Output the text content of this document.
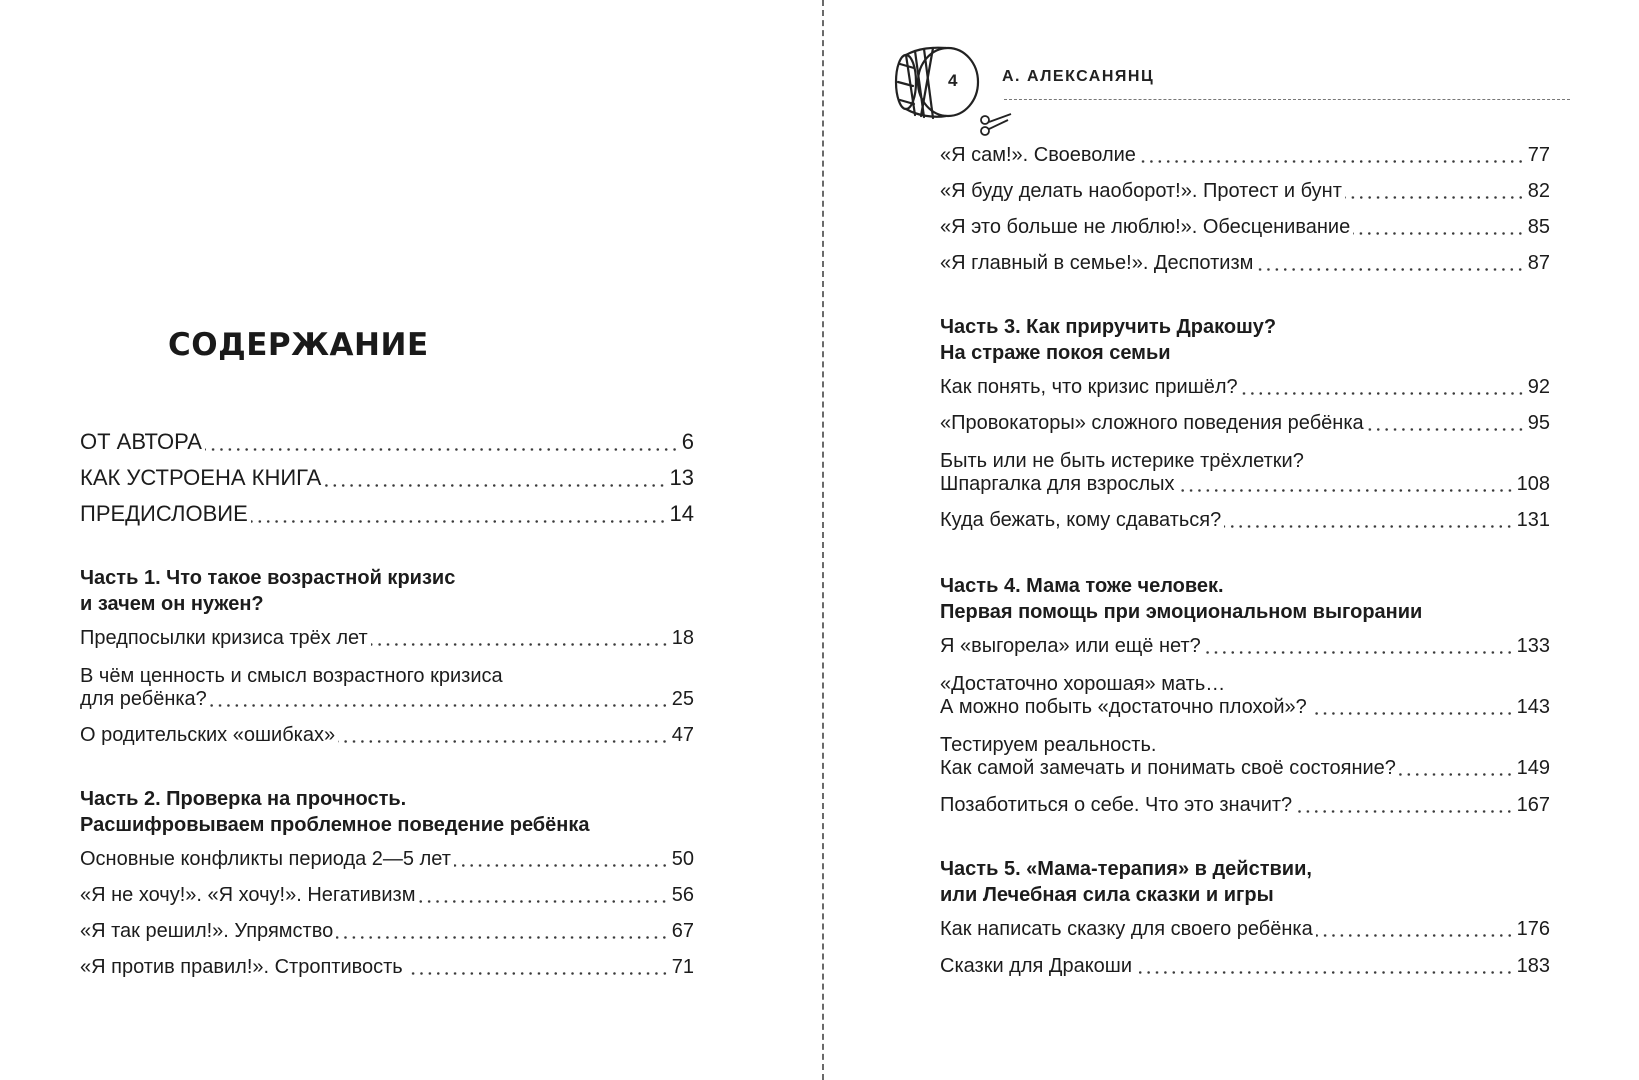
СОДЕРЖАНИЕ
ОТ АВТОРА	6
КАК УСТРОЕНА КНИГА	13
ПРЕДИСЛОВИЕ	14
Часть 1. Что такое возрастной кризис
и зачем он нужен?
Предпосылки кризиса трёх лет	18
В чём ценность и смысл возрастного кризиса
для ребёнка?	25
О родительских «ошибках»	47
Часть 2. Проверка на прочность.
Расшифровываем проблемное поведение ребёнка
Основные конфликты периода 2—5 лет	50
«Я не хочу!». «Я хочу!». Негативизм	56
«Я так решил!». Упрямство	67
«Я против правил!». Строптивость	71
4	А. АЛЕКСАНЯНЦ
«Я сам!». Своеволие	77
«Я буду делать наоборот!». Протест и бунт	82
«Я это больше не люблю!». Обесценивание	85
«Я главный в семье!». Деспотизм	87
Часть 3. Как приручить Дракошу?
На страже покоя семьи
Как понять, что кризис пришёл?	92
«Провокаторы» сложного поведения ребёнка	95
Быть или не быть истерике трёхлетки?
Шпаргалка для взрослых	108
Куда бежать, кому сдаваться?	131
Часть 4. Мама тоже человек.
Первая помощь при эмоциональном выгорании
Я «выгорела» или ещё нет?	133
«Достаточно хорошая» мать…
А можно побыть «достаточно плохой»?	143
Тестируем реальность.
Как самой замечать и понимать своё состояние?	149
Позаботиться о себе. Что это значит?	167
Часть 5. «Мама-терапия» в действии,
или Лечебная сила сказки и игры
Как написать сказку для своего ребёнка	176
Сказки для Дракоши	183
